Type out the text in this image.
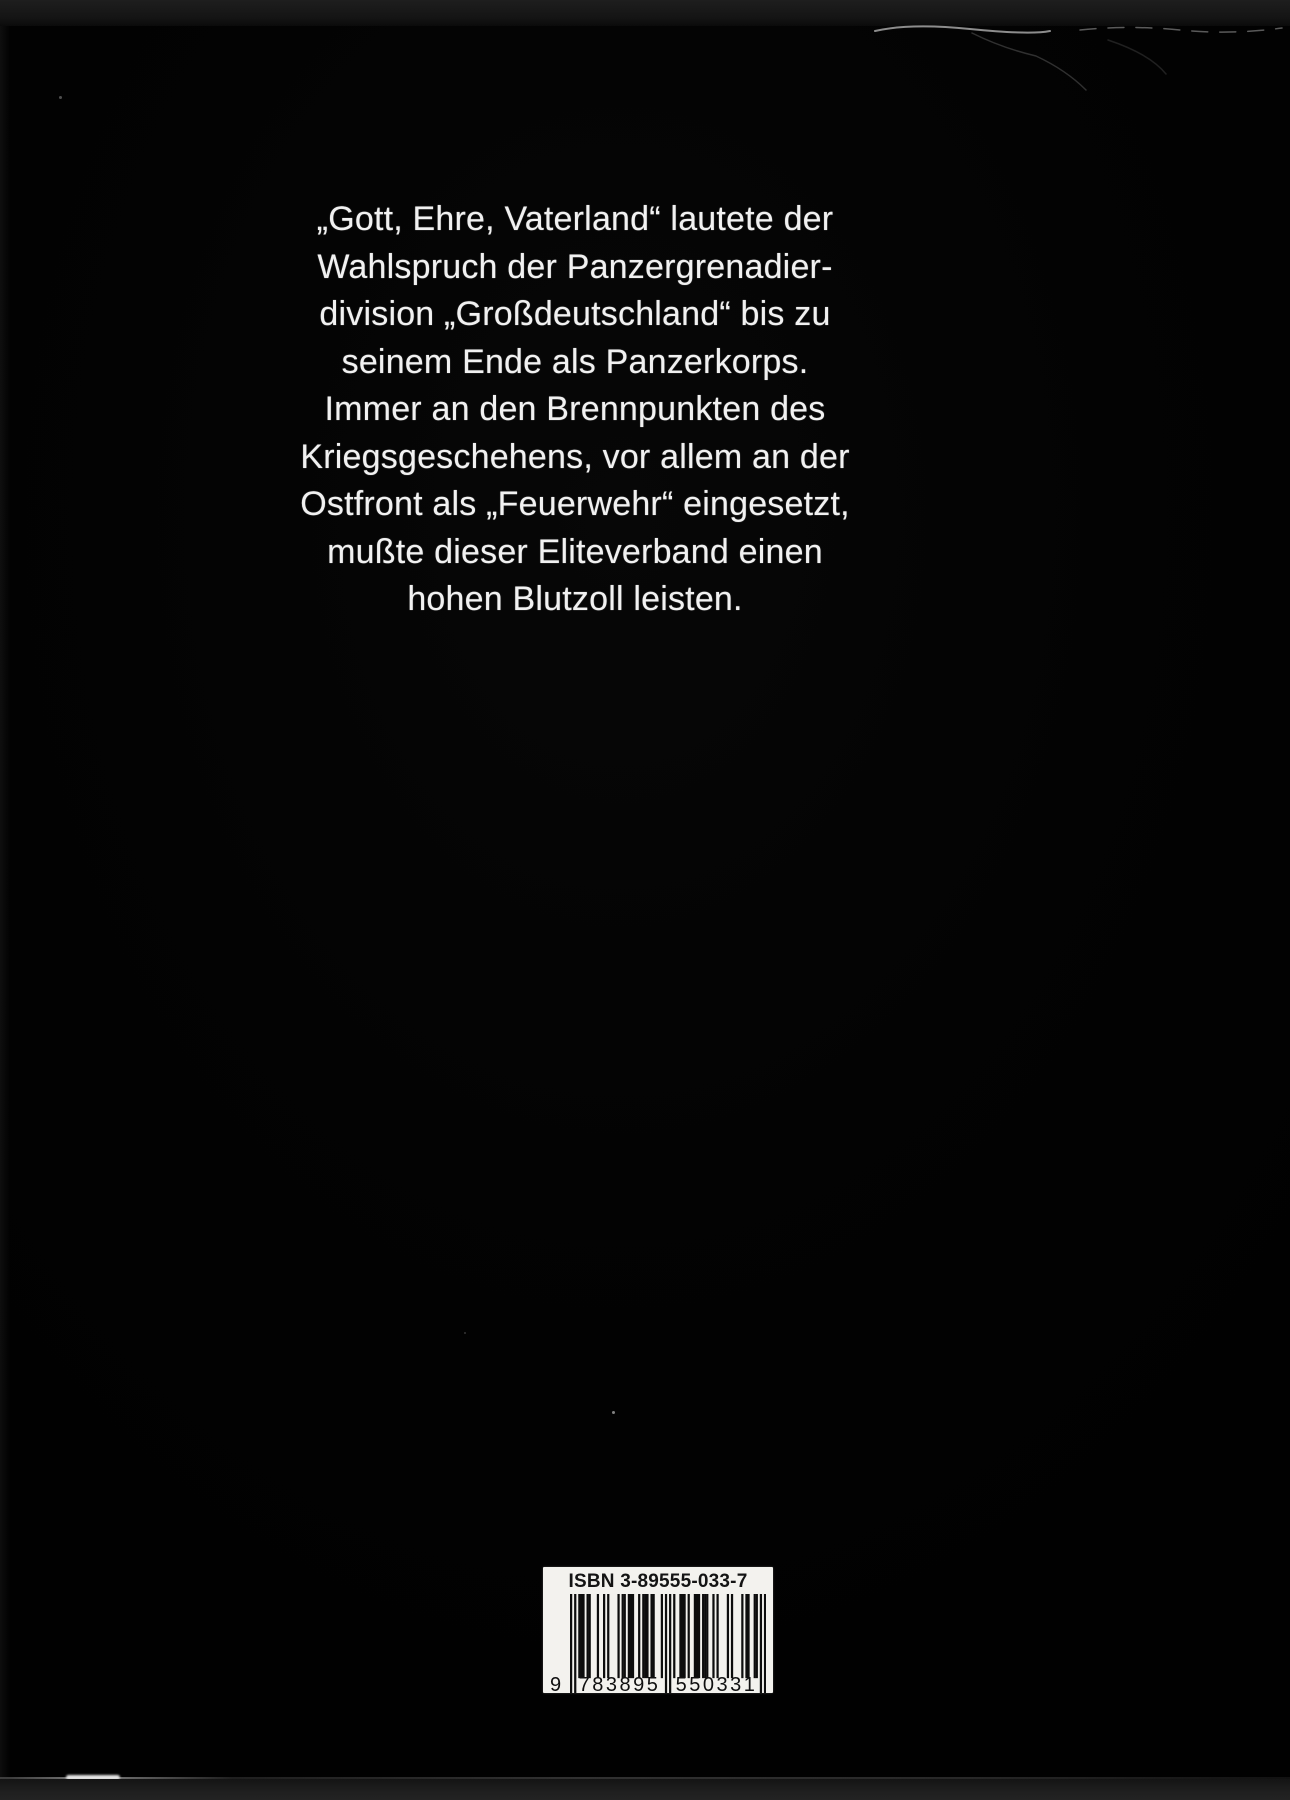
„Gott, Ehre, Vaterland“ lautete der
Wahlspruch der Panzergrenadier-
division „Großdeutschland“ bis zu
seinem Ende als Panzerkorps.
Immer an den Brennpunkten des
Kriegsgeschehens, vor allem an der
Ostfront als „Feuerwehr“ eingesetzt,
mußte dieser Eliteverband einen
hohen Blutzoll leisten.
ISBN 3-89555-033-7
9 783895 550331
